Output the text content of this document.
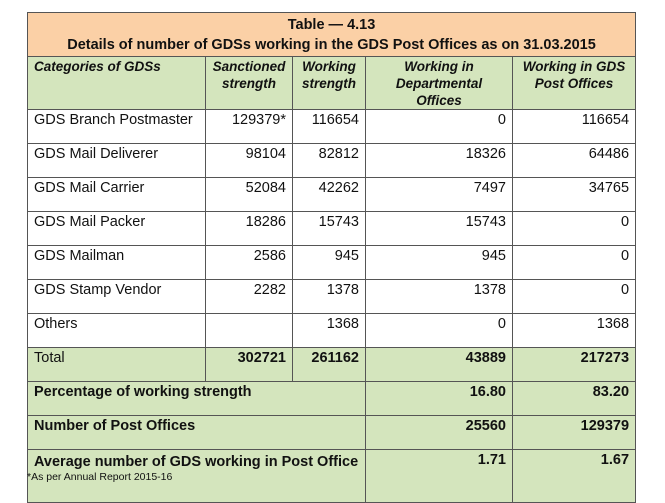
Table — 4.13
Details of number of GDSs working in the GDS Post Offices as on 31.03.2015				

Categories of GDSs	Sanctioned strength	Working strength	Working in Departmental Offices	Working in GDS Post Offices
GDS Branch Postmaster	129379*	116654	0	116654
GDS Mail Deliverer	98104	82812	18326	64486
GDS Mail Carrier	52084	42262	7497	34765
GDS Mail Packer	18286	15743	15743	0
GDS Mailman	2586	945	945	0
GDS Stamp Vendor	2282	1378	1378	0
Others		1368	0	1368
Total	302721	261162	43889	217273
Percentage of working strength			16.80	83.20
Number of Post Offices			25560	129379
Average number of GDS working in Post Office			1.71	1.67
*As per Annual Report 2015-16
